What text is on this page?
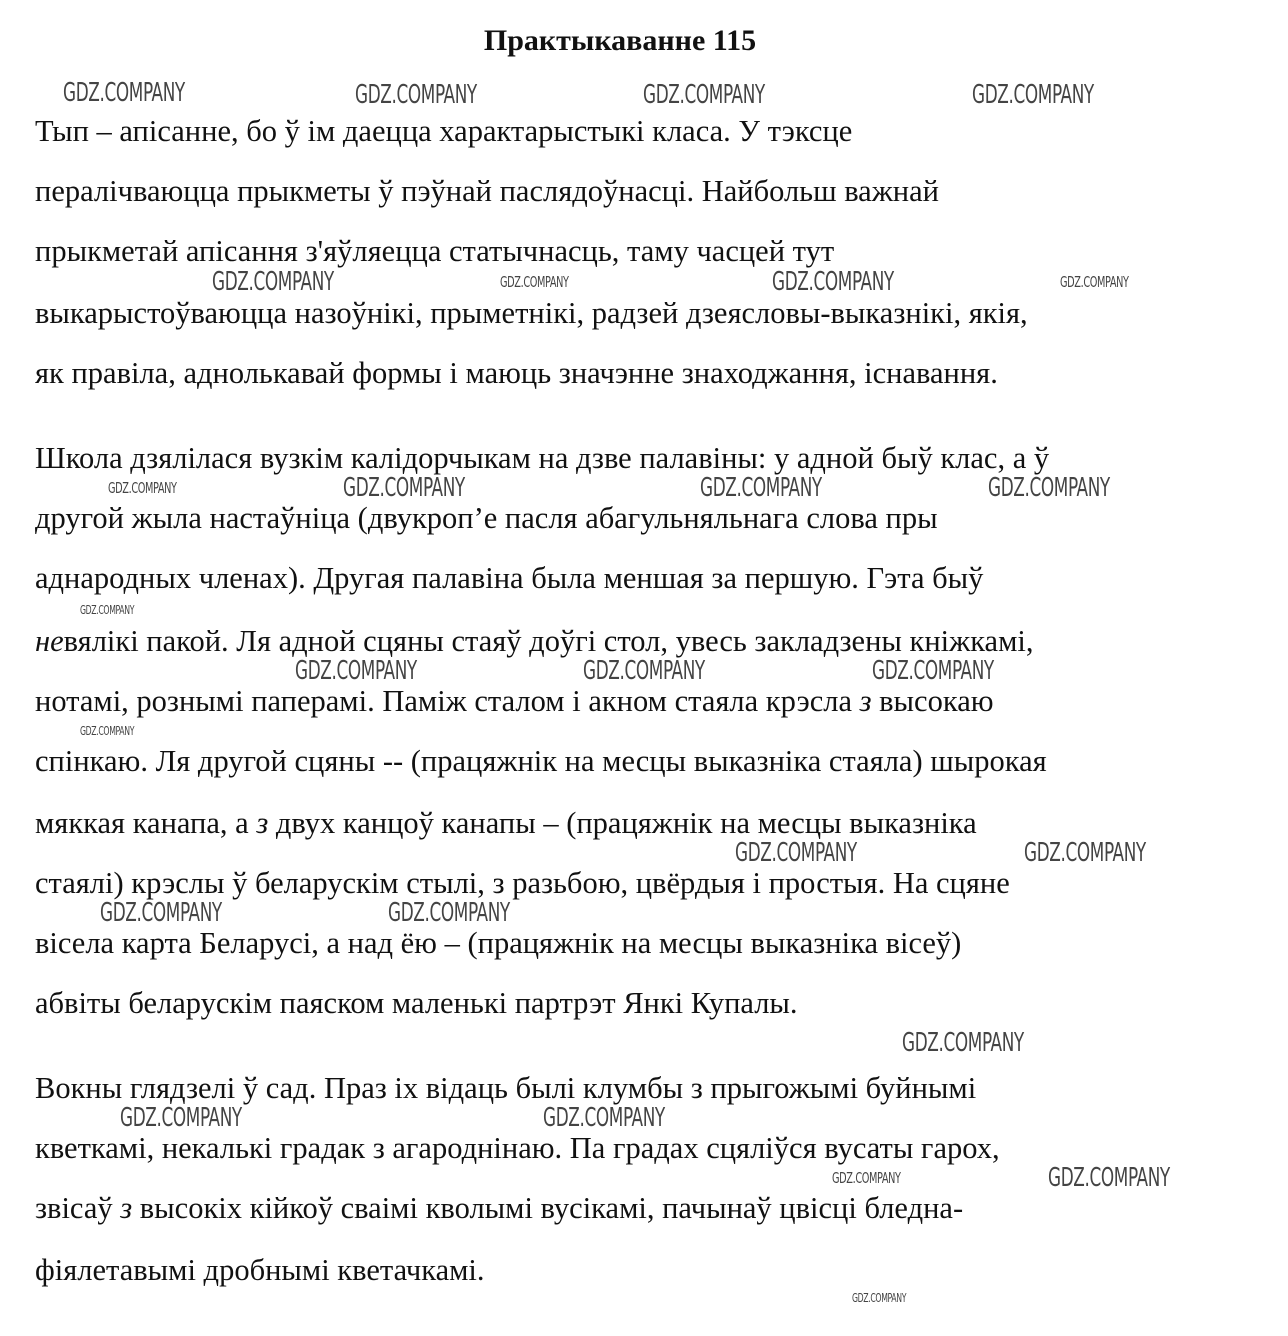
Практыкаванне 115
Тып – апісанне, бо ў ім даецца характарыстыкі класа. У тэксце
пералічваюцца прыкметы ў пэўнай паслядоўнасці. Найбольш важнай
прыкметай апісання з'яўляецца статычнасць, таму часцей тут
выкарыстоўваюцца назоўнікі, прыметнікі, радзей дзеясловы-выказнікі, якія,
як правіла, аднолькавай формы і маюць значэнне знаходжання, існавання.
Школа дзялілася вузкім калідорчыкам на дзве палавіны: у адной быў клас, а ў
другой жыла настаўніца (двукроп’е пасля абагульняльнага слова пры
аднародных членах). Другая палавіна была меншая за першую. Гэта быў
невялікі пакой. Ля адной сцяны стаяў доўгі стол, увесь закладзены кніжкамі,
нотамі, рознымі паперамі. Паміж сталом і акном стаяла крэсла з высокаю
спінкаю. Ля другой сцяны -- (працяжнік на месцы выказніка стаяла) шырокая
мяккая канапа, а з двух канцоў канапы – (працяжнік на месцы выказніка
стаялі) крэслы ў беларускім стылі, з разьбою, цвёрдыя і простыя. На сцяне
вісела карта Беларусі, а над ёю – (працяжнік на месцы выказніка вісеў)
абвіты беларускім паяском маленькі партрэт Янкі Купалы.
Вокны глядзелі ў сад. Праз іх відаць былі клумбы з прыгожымі буйнымі
кветкамі, некалькі градак з агароднінаю. Па градах сцяліўся вусаты гарох,
звісаў з высокіх кійкоў сваімі кволымі вусікамі, пачынаў цвісці бледна-
фіялетавымі дробнымі кветачкамі.
GDZ.COMPANY	GDZ.COMPANY	GDZ.COMPANY	GDZ.COMPANY
GDZ.COMPANY	GDZ.COMPANY	GDZ.COMPANY	GDZ.COMPANY
GDZ.COMPANY	GDZ.COMPANY	GDZ.COMPANY	GDZ.COMPANY
GDZ.COMPANY
GDZ.COMPANY	GDZ.COMPANY	GDZ.COMPANY
GDZ.COMPANY
GDZ.COMPANY	GDZ.COMPANY
GDZ.COMPANY	GDZ.COMPANY
GDZ.COMPANY
GDZ.COMPANY	GDZ.COMPANY
GDZ.COMPANY	GDZ.COMPANY
GDZ.COMPANY
